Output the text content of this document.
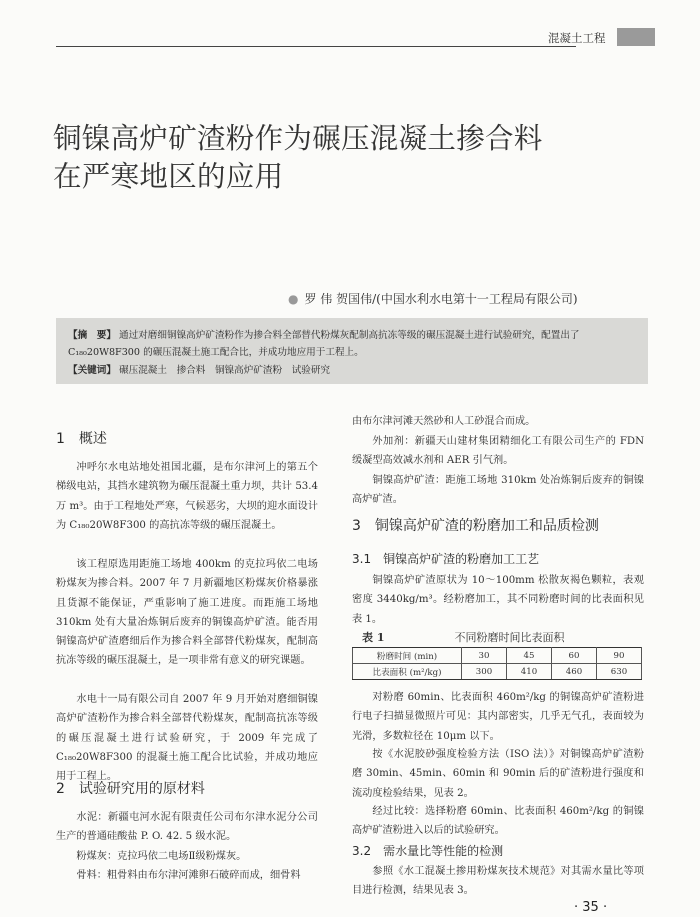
混凝土工程
铜镍高炉矿渣粉作为碾压混凝土掺合料
在严寒地区的应用
● 罗 伟 贺国伟/(中国水利水电第十一工程局有限公司)

【摘　要】 通过对磨细铜镍高炉矿渣粉作为掺合料全部替代粉煤灰配制高抗冻等级的碾压混凝土进行试验研究，配置出了 C₁₈₀20W8F300 的碾压混凝土施工配合比，并成功地应用于工程上。

【关键词】 碾压混凝土　掺合料　铜镍高炉矿渣粉　试验研究

1　概述

冲呼尔水电站地处祖国北疆，是布尔津河上的第五个梯级电站，其挡水建筑物为碾压混凝土重力坝，共计 53.4 万 m³。由于工程地处严寒，气候恶劣，大坝的迎水面设计为 C₁₈₀20W8F300 的高抗冻等级的碾压混凝土。

该工程原选用距施工场地 400km 的克拉玛依二电场粉煤灰为掺合料。2007 年 7 月新疆地区粉煤灰价格暴涨且货源不能保证，严重影响了施工进度。而距施工场地 310km 处有大量冶炼铜后废弃的铜镍高炉矿渣。能否用铜镍高炉矿渣磨细后作为掺合料全部替代粉煤灰，配制高抗冻等级的碾压混凝土，是一项非常有意义的研究课题。

水电十一局有限公司自 2007 年 9 月开始对磨细铜镍高炉矿渣粉作为掺合料全部替代粉煤灰，配制高抗冻等级的碾压混凝土进行试验研究，于 2009 年完成了 C₁₈₀20W8F300 的混凝土施工配合比试验，并成功地应用于工程上。

2　试验研究用的原材料

水泥：新疆屯河水泥有限责任公司布尔津水泥分公司生产的普通硅酸盐 P. O. 42. 5 级水泥。

粉煤灰：克拉玛依二电场Ⅱ级粉煤灰。

骨料：粗骨料由布尔津河滩卵石破碎而成，细骨料

由布尔津河滩天然砂和人工砂混合而成。

外加剂：新疆天山建材集团精细化工有限公司生产的 FDN 缓凝型高效减水剂和 AER 引气剂。

铜镍高炉矿渣：距施工场地 310km 处冶炼铜后废弃的铜镍高炉矿渣。

3　铜镍高炉矿渣的粉磨加工和品质检测
3.1　铜镍高炉矿渣的粉磨加工工艺

铜镍高炉矿渣原状为 10～100mm 松散灰褐色颗粒，表观密度 3440kg/m³。经粉磨加工，其不同粉磨时间的比表面积见表 1。

表 1	不同粉磨时间比表面积
粉磨时间 (min)	30	45	60	90
比表面积 (m²/kg)	300	410	460	630

对粉磨 60min、比表面积 460m²/kg 的铜镍高炉矿渣粉进行电子扫描显微照片可见：其内部密实，几乎无气孔，表面较为光滑，多数粒径在 10μm 以下。

按《水泥胶砂强度检验方法（ISO 法）》对铜镍高炉矿渣粉磨 30min、45min、60min 和 90min 后的矿渣粉进行强度和流动度检验结果，见表 2。

经过比较：选择粉磨 60min、比表面积 460m²/kg 的铜镍高炉矿渣粉进入以后的试验研究。

3.2　需水量比等性能的检测

参照《水工混凝土掺用粉煤灰技术规范》对其需水量比等项目进行检测，结果见表 3。

· 35 ·
